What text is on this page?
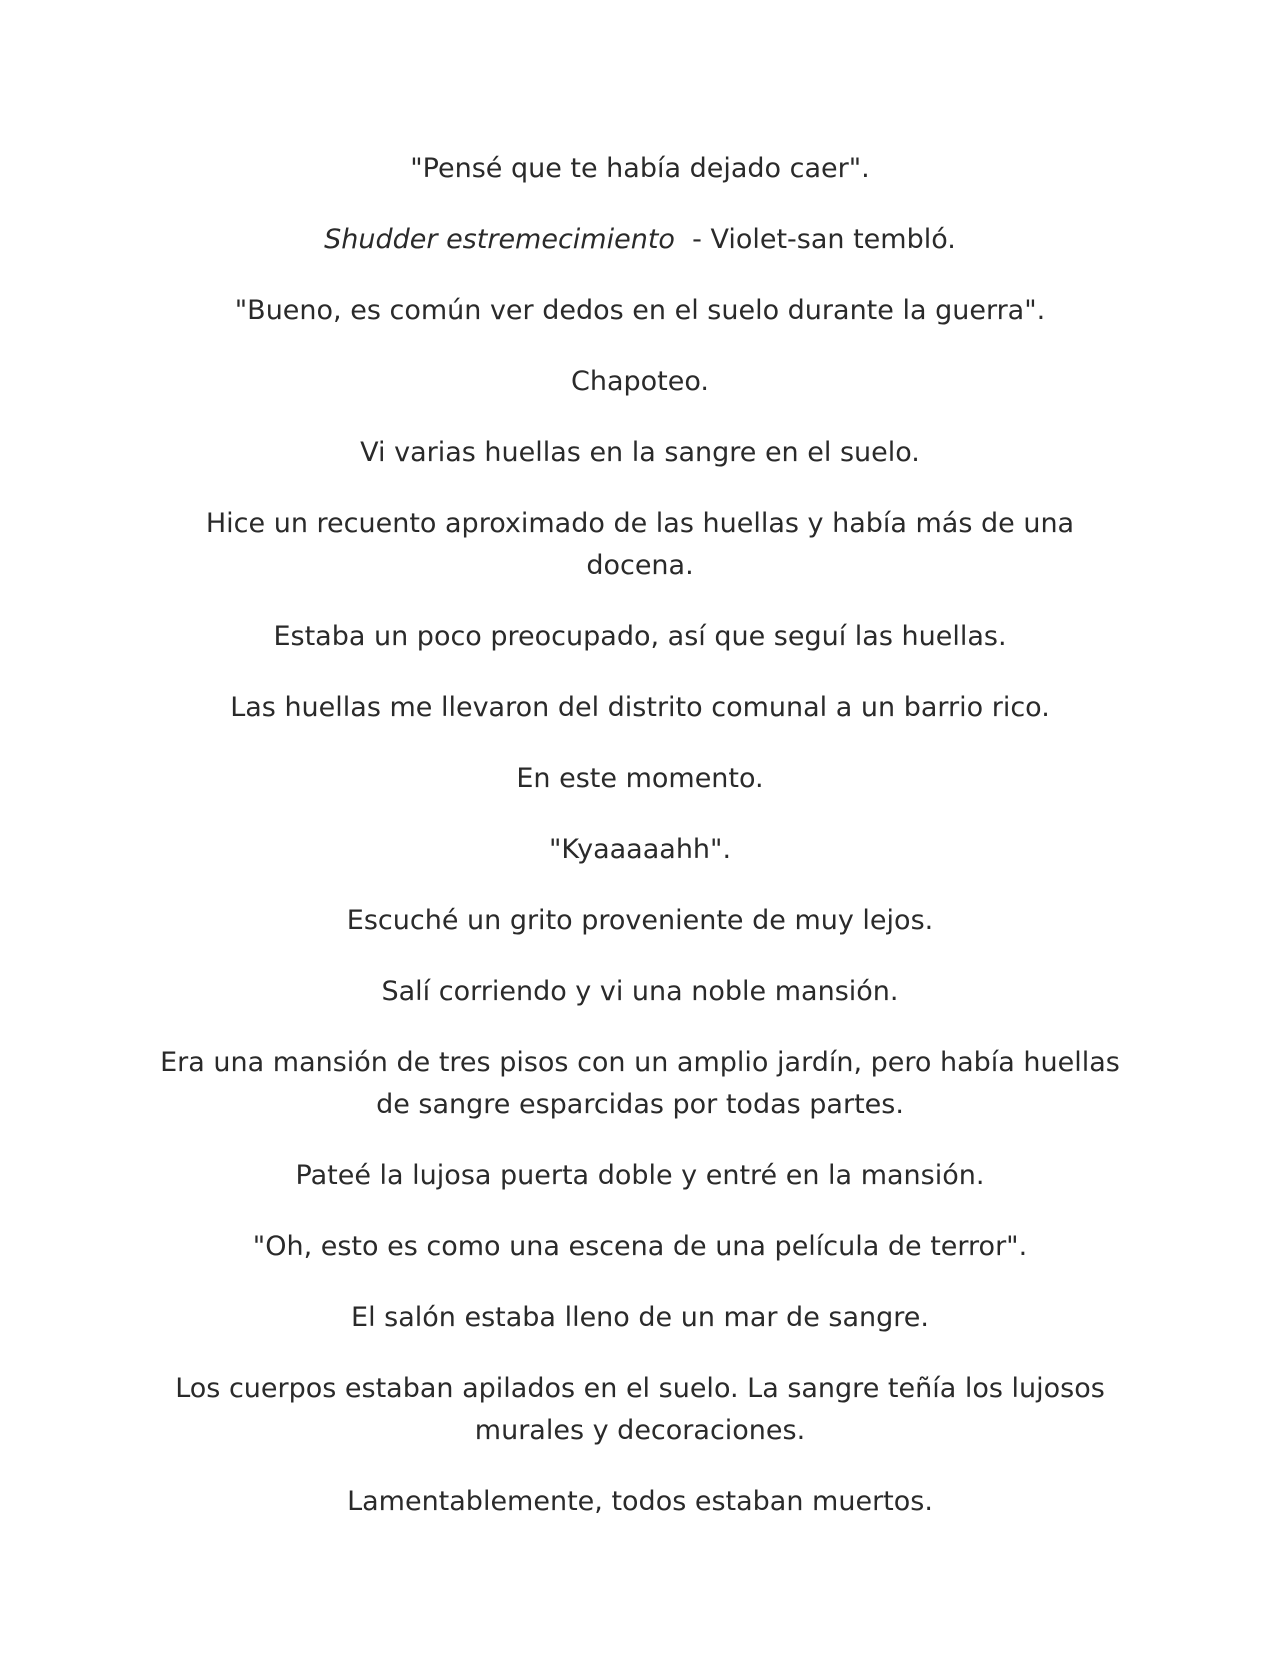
"Pensé que te había dejado caer".

Shudder estremecimiento  - Violet-san tembló.

"Bueno, es común ver dedos en el suelo durante la guerra".

Chapoteo.

Vi varias huellas en la sangre en el suelo.

Hice un recuento aproximado de las huellas y había más de una docena.

Estaba un poco preocupado, así que seguí las huellas.

Las huellas me llevaron del distrito comunal a un barrio rico.

En este momento.

"Kyaaaaahh".

Escuché un grito proveniente de muy lejos.

Salí corriendo y vi una noble mansión.

Era una mansión de tres pisos con un amplio jardín, pero había huellas de sangre esparcidas por todas partes.

Pateé la lujosa puerta doble y entré en la mansión.

"Oh, esto es como una escena de una película de terror".

El salón estaba lleno de un mar de sangre.

Los cuerpos estaban apilados en el suelo. La sangre teñía los lujosos murales y decoraciones.

Lamentablemente, todos estaban muertos.
